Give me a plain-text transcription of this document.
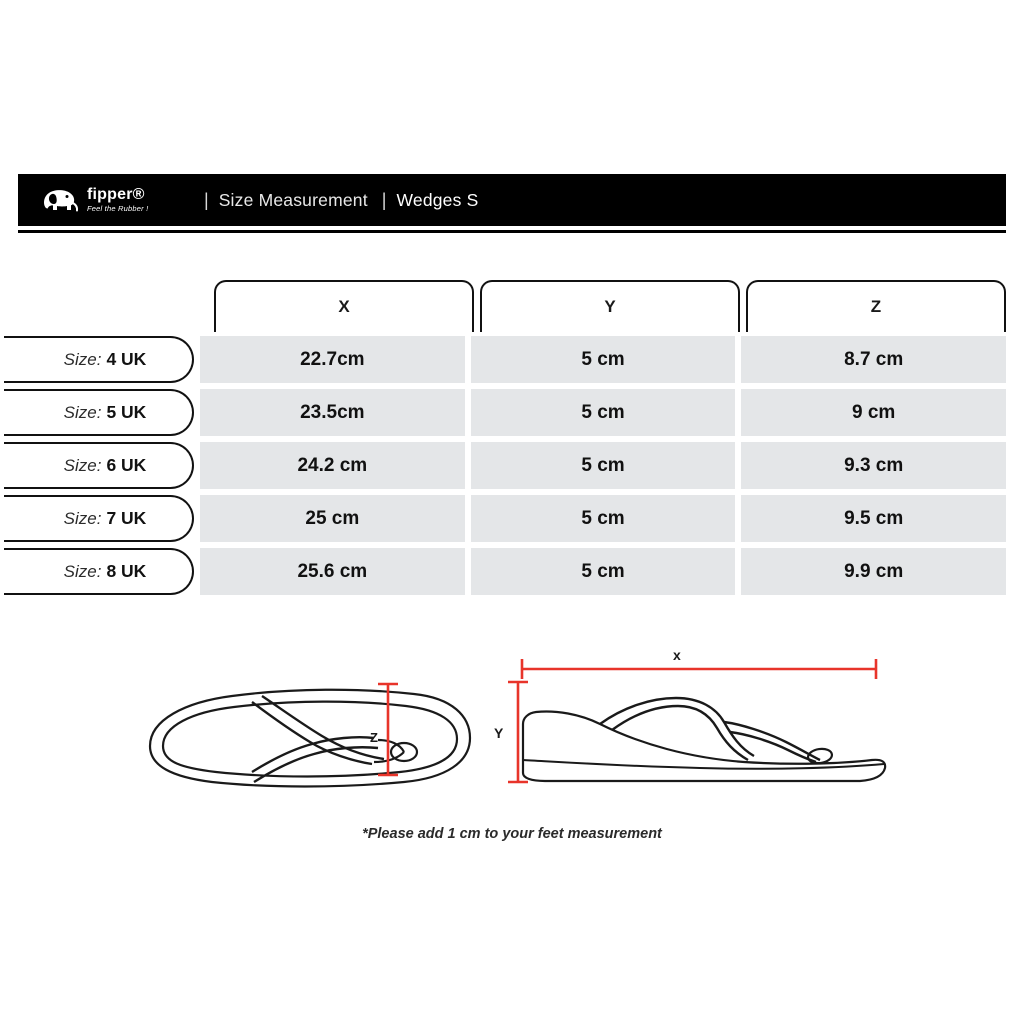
fipper®
Feel the Rubber !	| Size Measurement | Wedges S
X	Y	Z
Size: 4 UK	22.7cm	5 cm	8.7 cm
Size: 5 UK	23.5cm	5 cm	9 cm
Size: 6 UK	24.2 cm	5 cm	9.3 cm
Size: 7 UK	25 cm	5 cm	9.5 cm
Size: 8 UK	25.6 cm	5 cm	9.9 cm
Z
x
Y
*Please add 1 cm to your feet measurement
